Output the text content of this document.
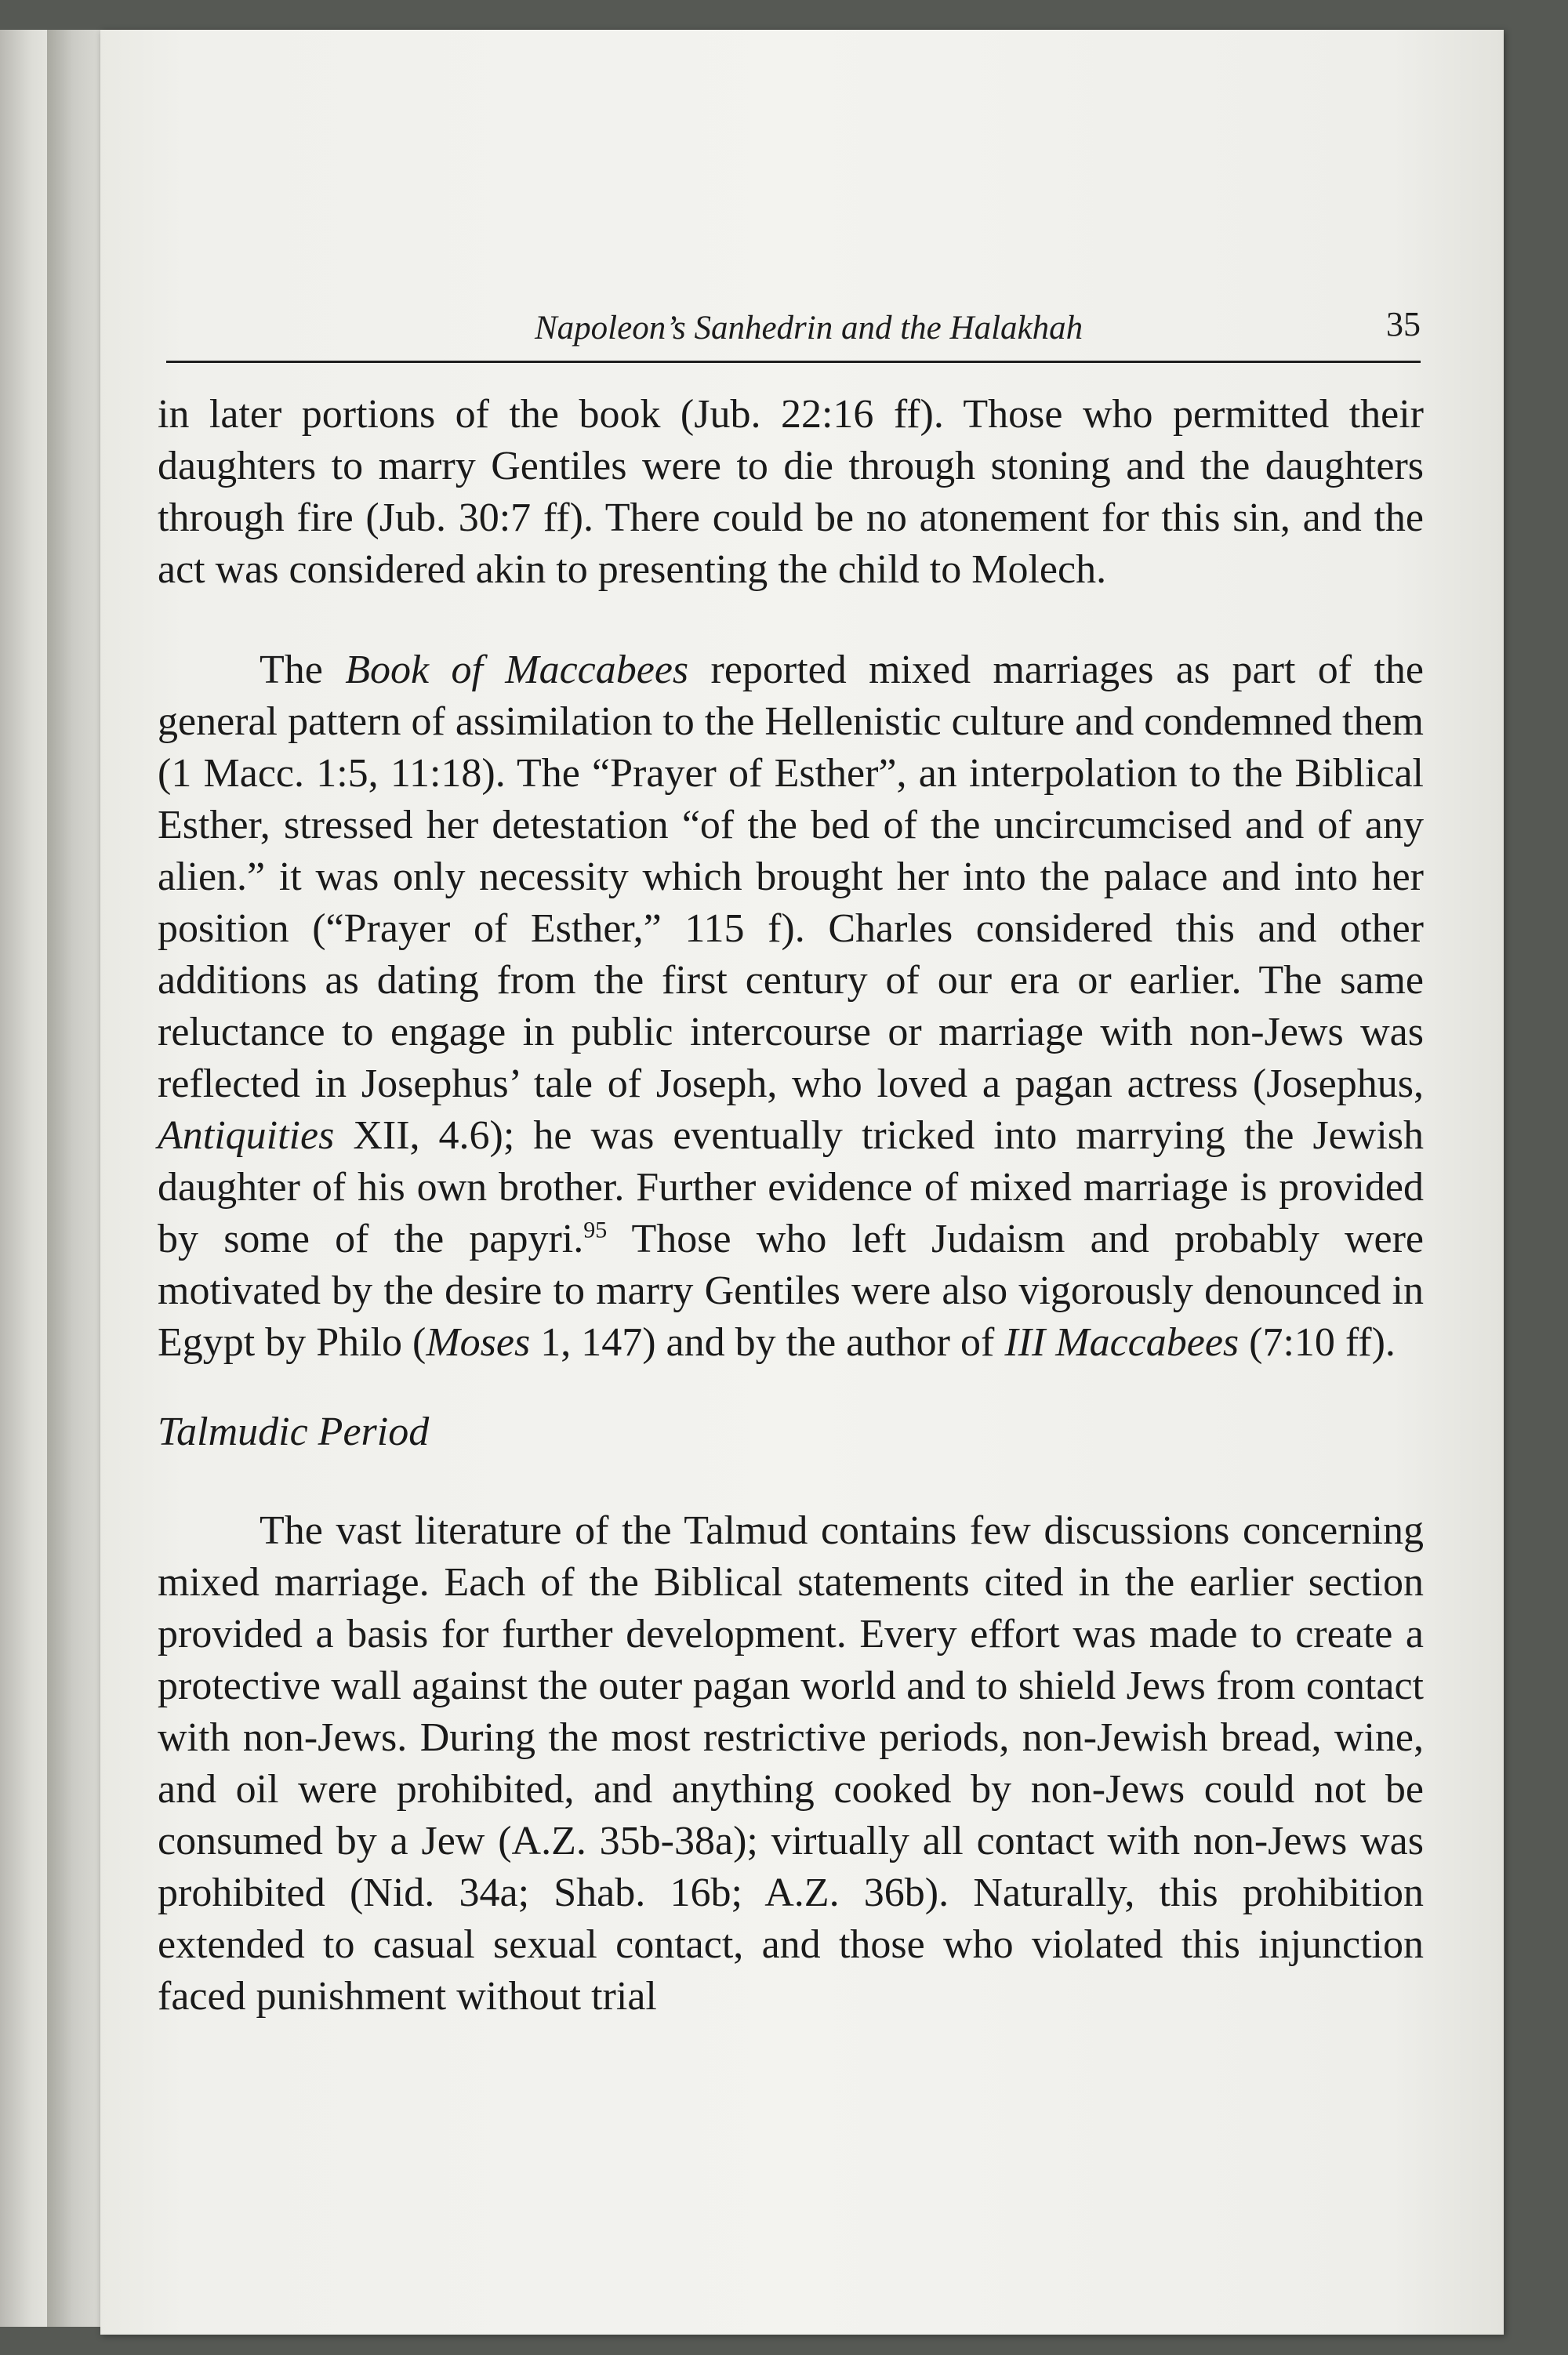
Napoleon’s Sanhedrin and the Halakhah	35

in later portions of the book (Jub. 22:16 ff). Those who permitted their daughters to marry Gentiles were to die through stoning and the daughters through fire (Jub. 30:7 ff). There could be no atonement for this sin, and the act was considered akin to presenting the child to Molech.

The Book of Maccabees reported mixed marriages as part of the general pattern of assimilation to the Hellenistic culture and condemned them (1 Macc. 1:5, 11:18). The “Prayer of Esther”, an interpolation to the Biblical Esther, stressed her detestation “of the bed of the uncircumcised and of any alien.” it was only necessity which brought her into the palace and into her position (“Prayer of Esther,” 115 f). Charles considered this and other additions as dating from the first century of our era or earlier. The same reluctance to engage in public intercourse or marriage with non-Jews was reflected in Josephus’ tale of Joseph, who loved a pagan actress (Josephus, Antiquities XII, 4.6); he was eventually tricked into marrying the Jewish daughter of his own brother. Further evidence of mixed marriage is provided by some of the papyri.$^{95}$ Those who left Judaism and probably were motivated by the desire to marry Gentiles were also vigorously denounced in Egypt by Philo (Moses 1, 147) and by the author of III Maccabees (7:10 ff).

Talmudic Period

The vast literature of the Talmud contains few discussions concerning mixed marriage. Each of the Biblical statements cited in the earlier section provided a basis for further development. Every effort was made to create a protective wall against the outer pagan world and to shield Jews from contact with non-Jews. During the most restrictive periods, non-Jewish bread, wine, and oil were prohibited, and anything cooked by non-Jews could not be consumed by a Jew (A.Z. 35b-38a); virtually all contact with non-Jews was prohibited (Nid. 34a; Shab. 16b; A.Z. 36b). Naturally, this prohibition extended to casual sexual contact, and those who violated this injunction faced punishment without trial
